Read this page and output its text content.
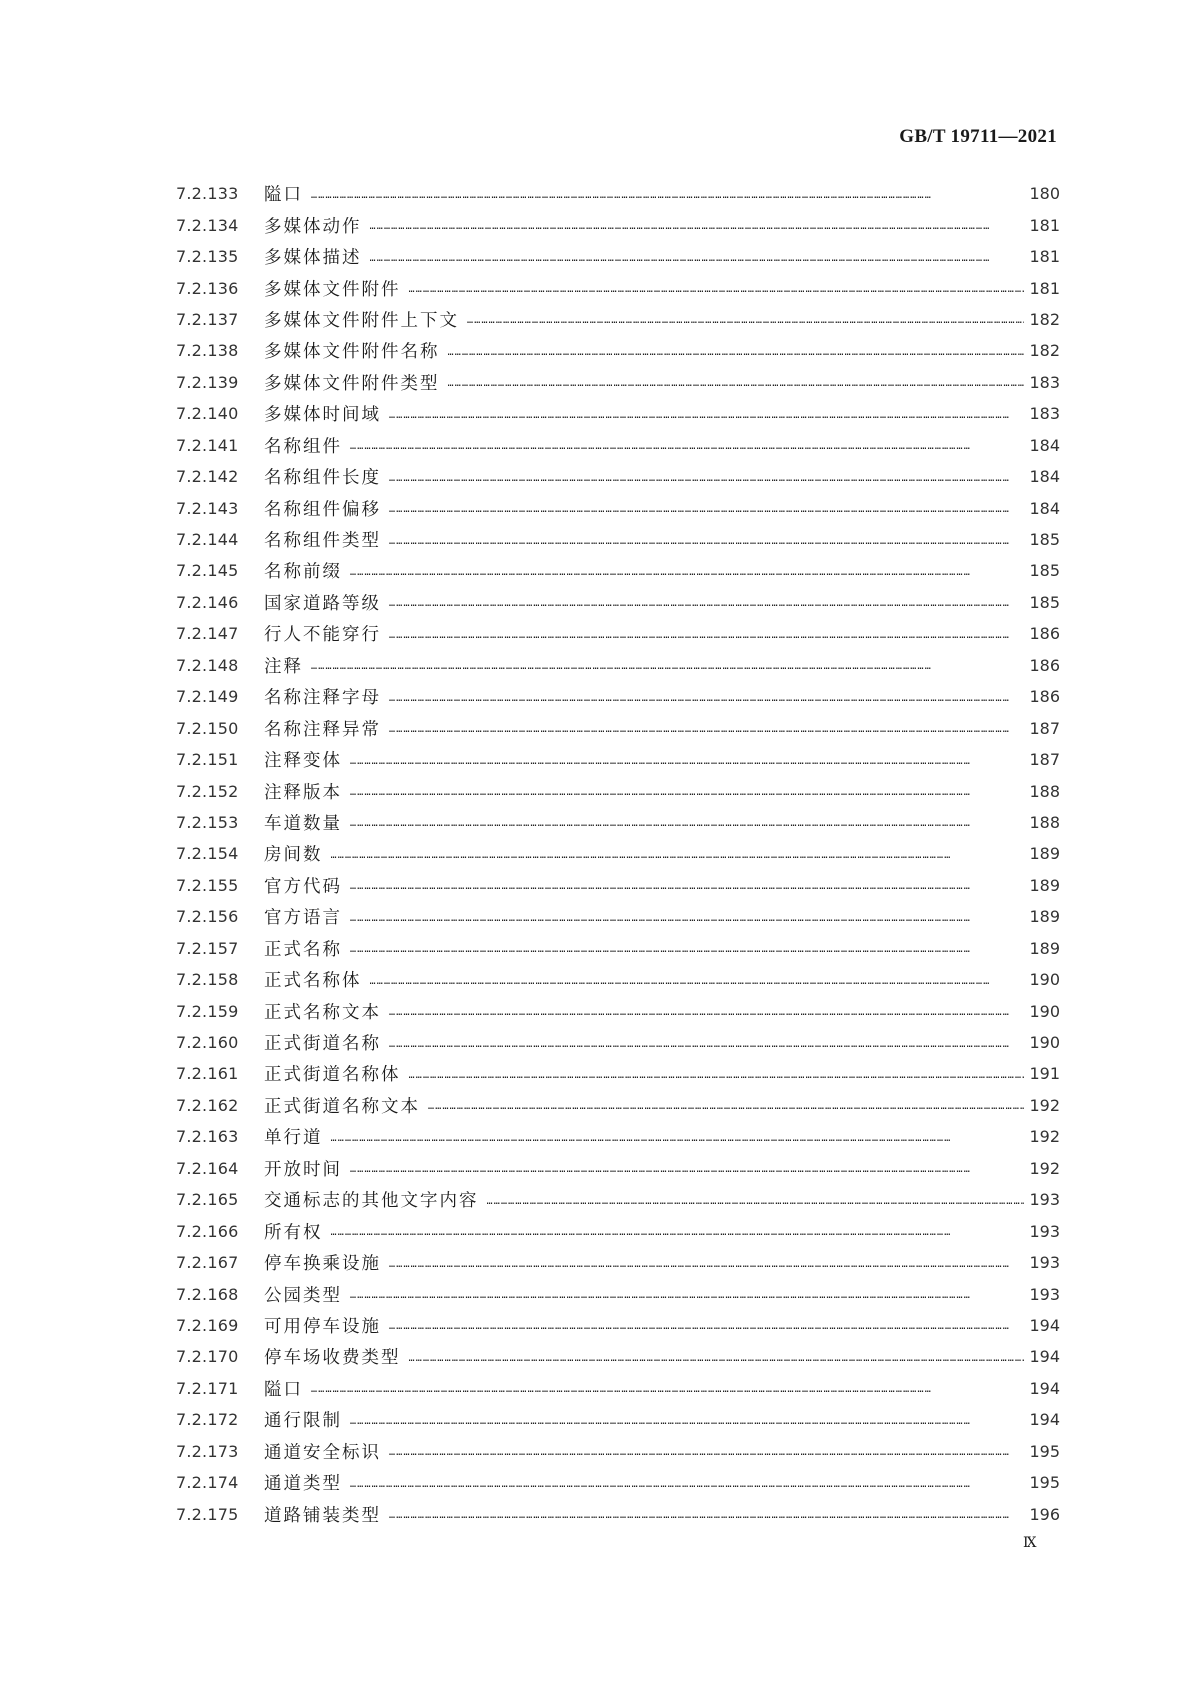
GB/T 19711—2021
7.2.133	隘口 ……………………………………………………………………………………………………………………………………………………………………………………………………………………………………	180
7.2.134	多媒体动作 ……………………………………………………………………………………………………………………………………………………………………………………………………………………………………	181
7.2.135	多媒体描述 ……………………………………………………………………………………………………………………………………………………………………………………………………………………………………	181
7.2.136	多媒体文件附件 ……………………………………………………………………………………………………………………………………………………………………………………………………………………………………	181
7.2.137	多媒体文件附件上下文 ……………………………………………………………………………………………………………………………………………………………………………………………………………………………………	182
7.2.138	多媒体文件附件名称 ……………………………………………………………………………………………………………………………………………………………………………………………………………………………………	182
7.2.139	多媒体文件附件类型 ……………………………………………………………………………………………………………………………………………………………………………………………………………………………………	183
7.2.140	多媒体时间域 ……………………………………………………………………………………………………………………………………………………………………………………………………………………………………	183
7.2.141	名称组件 ……………………………………………………………………………………………………………………………………………………………………………………………………………………………………	184
7.2.142	名称组件长度 ……………………………………………………………………………………………………………………………………………………………………………………………………………………………………	184
7.2.143	名称组件偏移 ……………………………………………………………………………………………………………………………………………………………………………………………………………………………………	184
7.2.144	名称组件类型 ……………………………………………………………………………………………………………………………………………………………………………………………………………………………………	185
7.2.145	名称前缀 ……………………………………………………………………………………………………………………………………………………………………………………………………………………………………	185
7.2.146	国家道路等级 ……………………………………………………………………………………………………………………………………………………………………………………………………………………………………	185
7.2.147	行人不能穿行 ……………………………………………………………………………………………………………………………………………………………………………………………………………………………………	186
7.2.148	注释 ……………………………………………………………………………………………………………………………………………………………………………………………………………………………………	186
7.2.149	名称注释字母 ……………………………………………………………………………………………………………………………………………………………………………………………………………………………………	186
7.2.150	名称注释异常 ……………………………………………………………………………………………………………………………………………………………………………………………………………………………………	187
7.2.151	注释变体 ……………………………………………………………………………………………………………………………………………………………………………………………………………………………………	187
7.2.152	注释版本 ……………………………………………………………………………………………………………………………………………………………………………………………………………………………………	188
7.2.153	车道数量 ……………………………………………………………………………………………………………………………………………………………………………………………………………………………………	188
7.2.154	房间数 ……………………………………………………………………………………………………………………………………………………………………………………………………………………………………	189
7.2.155	官方代码 ……………………………………………………………………………………………………………………………………………………………………………………………………………………………………	189
7.2.156	官方语言 ……………………………………………………………………………………………………………………………………………………………………………………………………………………………………	189
7.2.157	正式名称 ……………………………………………………………………………………………………………………………………………………………………………………………………………………………………	189
7.2.158	正式名称体 ……………………………………………………………………………………………………………………………………………………………………………………………………………………………………	190
7.2.159	正式名称文本 ……………………………………………………………………………………………………………………………………………………………………………………………………………………………………	190
7.2.160	正式街道名称 ……………………………………………………………………………………………………………………………………………………………………………………………………………………………………	190
7.2.161	正式街道名称体 ……………………………………………………………………………………………………………………………………………………………………………………………………………………………………	191
7.2.162	正式街道名称文本 ……………………………………………………………………………………………………………………………………………………………………………………………………………………………………	192
7.2.163	单行道 ……………………………………………………………………………………………………………………………………………………………………………………………………………………………………	192
7.2.164	开放时间 ……………………………………………………………………………………………………………………………………………………………………………………………………………………………………	192
7.2.165	交通标志的其他文字内容 ……………………………………………………………………………………………………………………………………………………………………………………………………………………………………	193
7.2.166	所有权 ……………………………………………………………………………………………………………………………………………………………………………………………………………………………………	193
7.2.167	停车换乘设施 ……………………………………………………………………………………………………………………………………………………………………………………………………………………………………	193
7.2.168	公园类型 ……………………………………………………………………………………………………………………………………………………………………………………………………………………………………	193
7.2.169	可用停车设施 ……………………………………………………………………………………………………………………………………………………………………………………………………………………………………	194
7.2.170	停车场收费类型 ……………………………………………………………………………………………………………………………………………………………………………………………………………………………………	194
7.2.171	隘口 ……………………………………………………………………………………………………………………………………………………………………………………………………………………………………	194
7.2.172	通行限制 ……………………………………………………………………………………………………………………………………………………………………………………………………………………………………	194
7.2.173	通道安全标识 ……………………………………………………………………………………………………………………………………………………………………………………………………………………………………	195
7.2.174	通道类型 ……………………………………………………………………………………………………………………………………………………………………………………………………………………………………	195
7.2.175	道路铺装类型 ……………………………………………………………………………………………………………………………………………………………………………………………………………………………………	196
Ⅸ
